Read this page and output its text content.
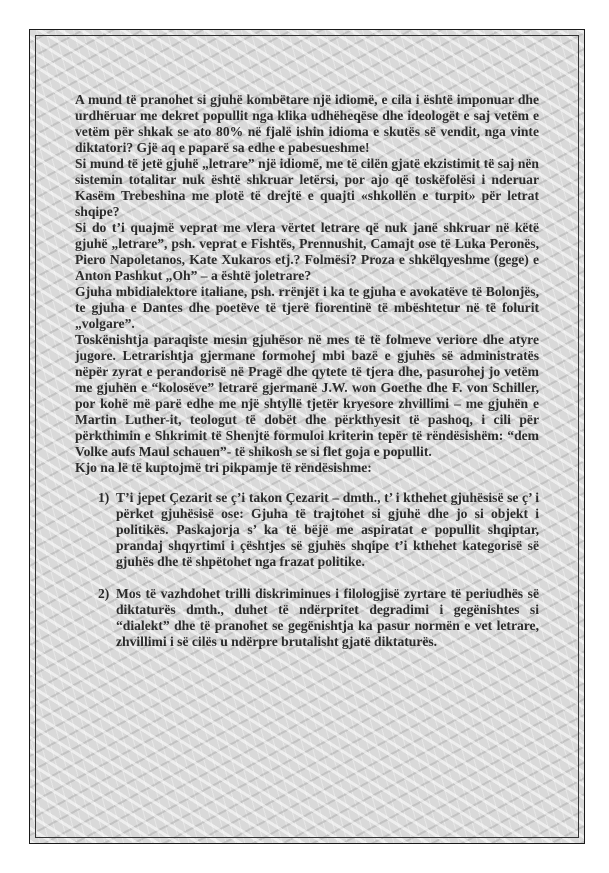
A mund të pranohet si gjuhë kombëtare një idiomë, e cila i është imponuar dhe urdhëruar me dekret popullit nga klika udhëheqëse dhe ideologët e saj vetëm e vetëm për shkak se ato 80% në fjalë ishin idioma e skutës së vendit, nga vinte diktatori? Gjë aq e paparë sa edhe e pabesueshme!

Si mund të jetë gjuhë „letrare” një idiomë, me të cilën gjatë ekzistimit të saj nën sistemin totalitar nuk është shkruar letërsi, por ajo që toskëfolësi i nderuar Kasëm Trebeshina me plotë të drejtë e quajti «shkollën e turpit» për letrat shqipe?

Si do t’i quajmë veprat me vlera vërtet letrare që nuk janë shkruar në këtë gjuhë „letrare”, psh. veprat e Fishtës, Prennushit, Camajt ose të Luka Peronës, Piero Napoletanos, Kate Xukaros etj.? Folmësi? Proza e shkëlqyeshme (gege) e Anton Pashkut „Oh” – a është joletrare?

Gjuha mbidialektore italiane, psh. rrënjët i ka te gjuha e avokatëve të Bolonjës, te gjuha e Dantes dhe poetëve të tjerë fiorentinë të mbështetur në të folurit „volgare”.

Toskënishtja paraqiste mesin gjuhësor në mes të të folmeve veriore dhe atyre jugore. Letrarishtja gjermane formohej mbi bazë e gjuhës së administratës nëpër zyrat e perandorisë në Pragë dhe qytete të tjera dhe, pasurohej jo vetëm me gjuhën e “kolosëve” letrarë gjermanë J.W. won Goethe dhe F. von Schiller, por kohë më parë edhe me një shtyllë tjetër kryesore zhvillimi – me gjuhën e Martin Luther-it, teologut të dobët dhe përkthyesit të pashoq, i cili për përkthimin e Shkrimit të Shenjtë formuloi kriterin tepër të rëndësishëm: “dem Volke aufs Maul schauen”- të shikosh se si flet goja e popullit.

Kjo na lë të kuptojmë tri pikpamje të rëndësishme:

1) T’i jepet Çezarit se ç’i takon Çezarit – dmth., t’ i kthehet gjuhësisë se ç’ i përket gjuhësisë ose: Gjuha të trajtohet si gjuhë dhe jo si objekt i politikës. Paskajorja s’ ka të bëjë me aspiratat e popullit shqiptar, prandaj shqyrtimi i çështjes së gjuhës shqipe t’i kthehet kategorisë së gjuhës dhe të shpëtohet nga frazat politike.
2) Mos të vazhdohet trilli diskriminues i filologjisë zyrtare të periudhës së diktaturës dmth., duhet të ndërpritet degradimi i gegënishtes si “dialekt” dhe të pranohet se gegënishtja ka pasur normën e vet letrare, zhvillimi i së cilës u ndërpre brutalisht gjatë diktaturës.
